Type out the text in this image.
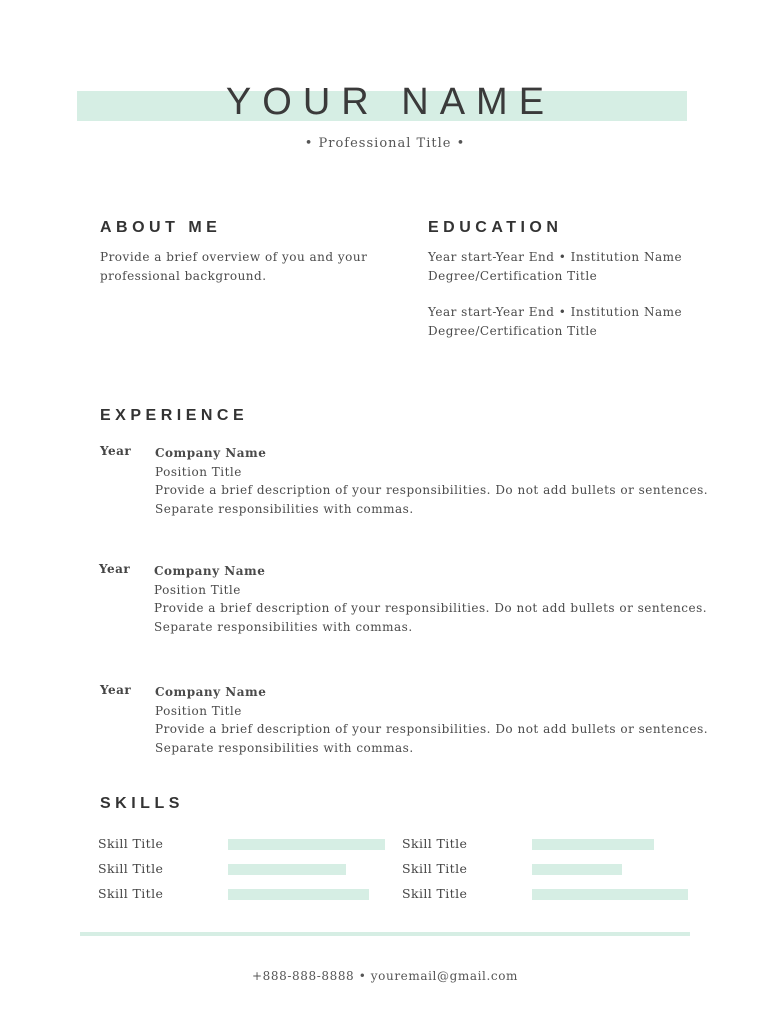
YOUR NAME
• Professional Title •
ABOUT ME
Provide a brief overview of you and your
professional background.
EDUCATION
Year start-Year End • Institution Name
Degree/Certification Title
Year start-Year End • Institution Name
Degree/Certification Title
EXPERIENCE
Year Company Name
Position Title
Provide a brief description of your responsibilities. Do not add bullets or sentences.
Separate responsibilities with commas.
Year Company Name
Position Title
Provide a brief description of your responsibilities. Do not add bullets or sentences.
Separate responsibilities with commas.
Year Company Name
Position Title
Provide a brief description of your responsibilities. Do not add bullets or sentences.
Separate responsibilities with commas.
SKILLS
Skill Title
Skill Title
Skill Title
Skill Title
Skill Title
Skill Title
+888-888-8888 • youremail@gmail.com
